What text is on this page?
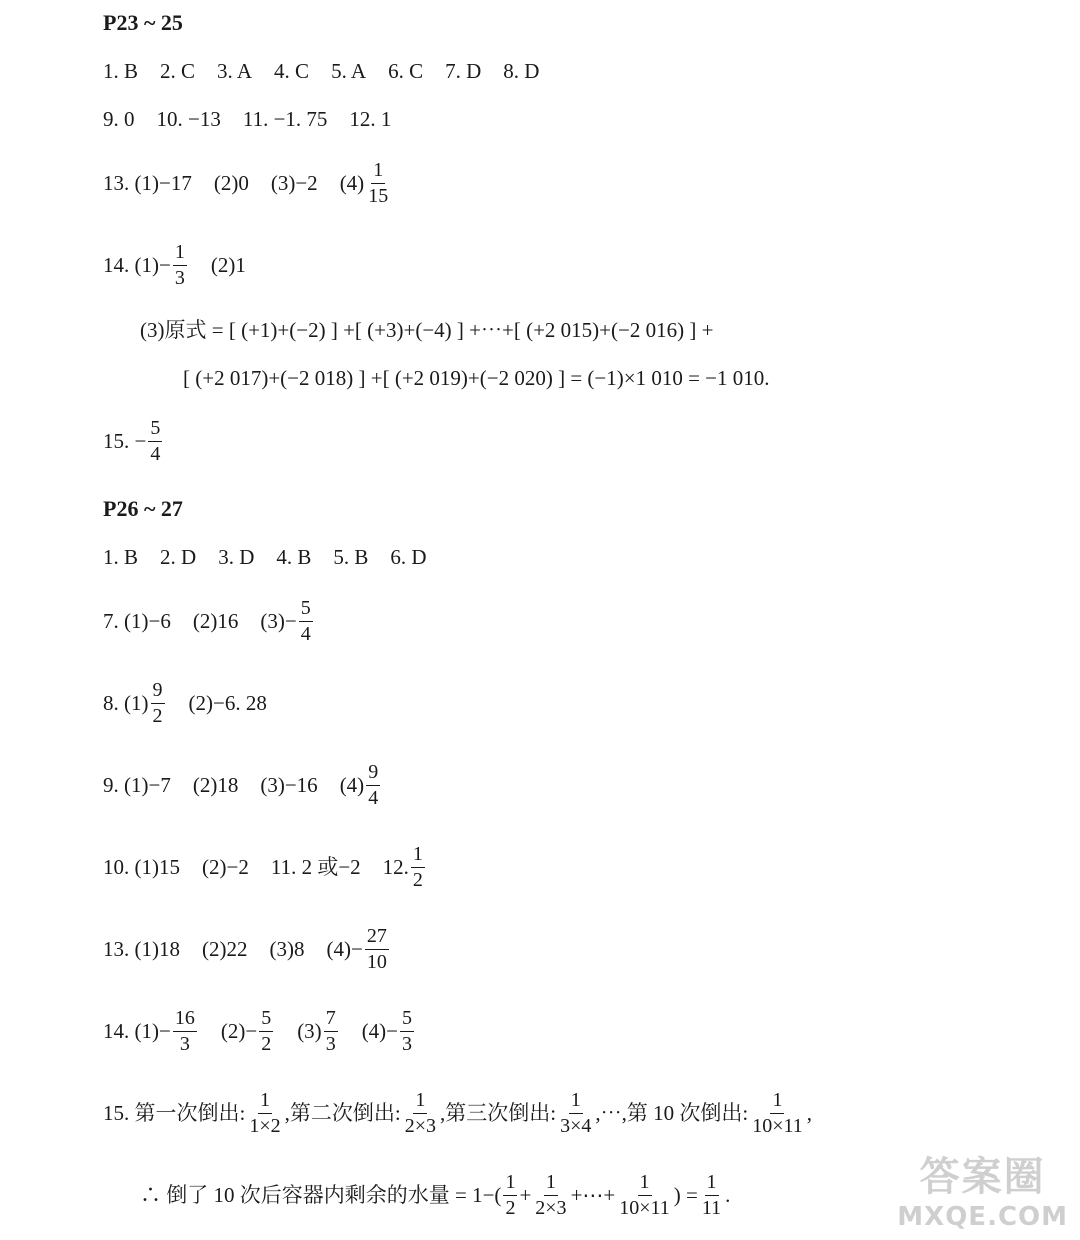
P23 ~ 25
1. B 2. C 3. A 4. C 5. A 6. C 7. D 8. D
9. 0 10. −13 11. −1. 75 12. 1
13. (1)−17 (2)0 (3)−2 $(4) \frac{1}{15}$
14. $(1)- \frac{1}{3} (2)1$
(3)原式 = [ (+1)+(−2) ] +[ (+3)+(−4) ] +⋯+[ (+2 015)+(−2 016) ] +
[ (+2 017)+(−2 018) ] +[ (+2 019)+(−2 020) ] = (−1)×1 010 = −1 010.
15. − $\frac{5}{4}$
P26 ~ 27
1. B 2. D 3. D 4. B 5. B 6. D
7. (1)−6 (2)16 $(3)- \frac{5}{4}$
8. $(1) \frac{9}{2} (2)-6$. 28
9. (1)−7 (2)18 (3)−16 $(4) \frac{9}{4}$
10. (1)15 (2)−2 11. 2 或−2 12. $\frac{1}{2}$
13. (1)18 (2)22 (3)8 $(4)- \frac{27}{10}$
14. $(1)- \frac{16}{3} (2)- \frac{5}{2} (3) \frac{7}{3} (4)- \frac{5}{3}$
15. 第一次倒出: $\frac{1}{1\times 2}$ ,第二次倒出: $\frac{1}{2\times 3}$ ,第三次倒出: $\frac{1}{3\times 4}$ ,⋯,第 10 次倒出: $\frac{1}{10\times 11}$ ,
∴ 倒了 10 次后容器内剩余的水量 = $1-( \frac{1}{2} + \frac{1}{2\times 3}$ +⋯+ $\frac{1}{10\times 11}$ ) = $\frac{1}{11}$ .	答案圈
MXQE.COM
